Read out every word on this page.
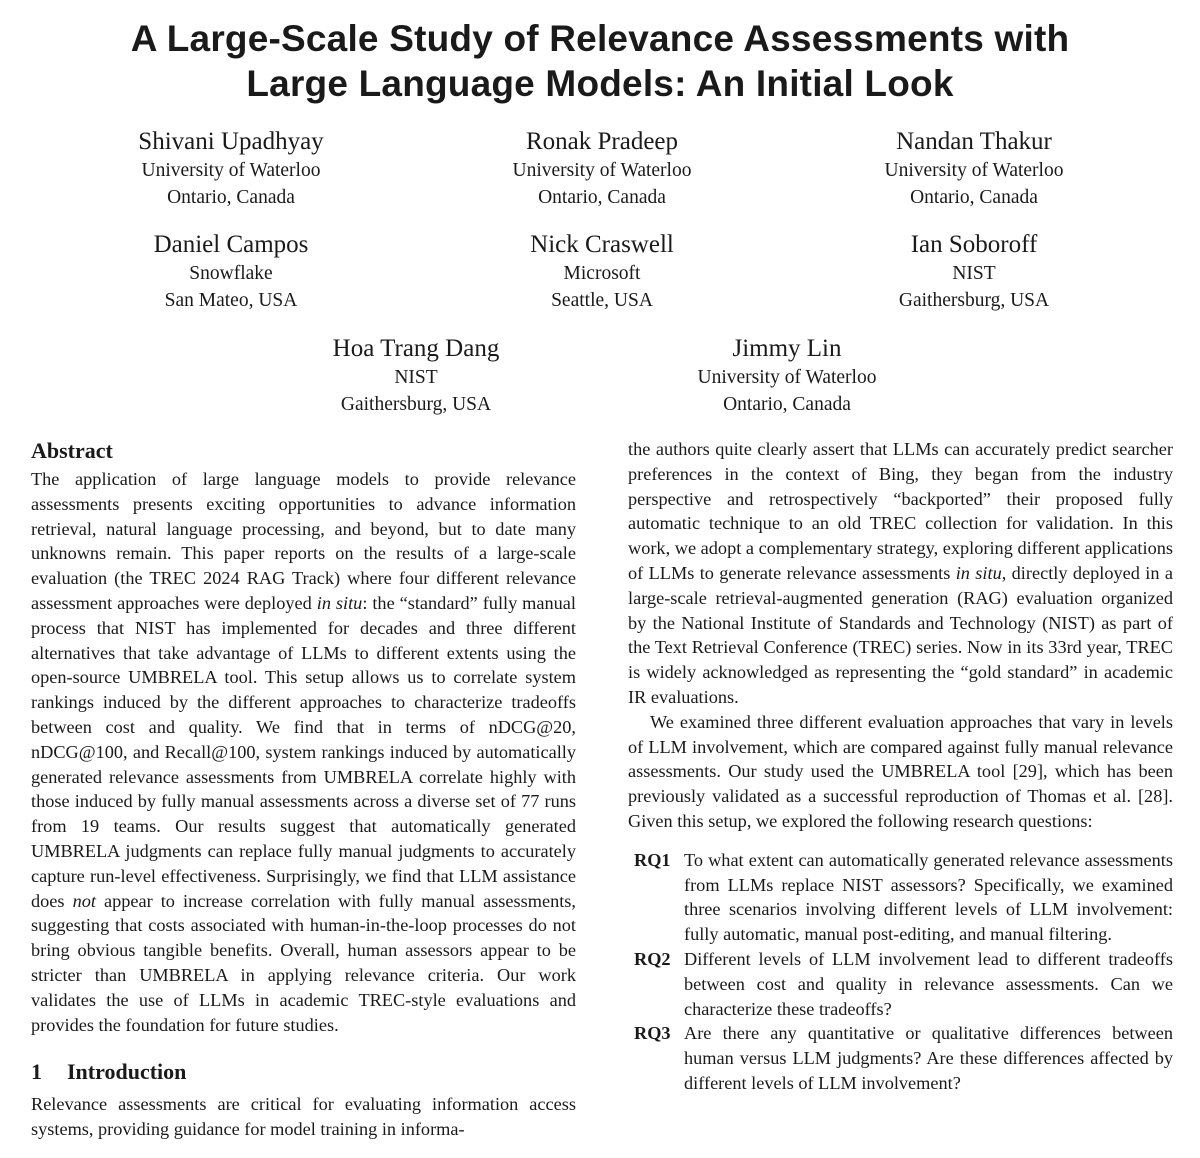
A Large-Scale Study of Relevance Assessments with
Large Language Models: An Initial Look
Shivani Upadhyay
University of Waterloo
Ontario, Canada
Ronak Pradeep
University of Waterloo
Ontario, Canada
Nandan Thakur
University of Waterloo
Ontario, Canada
Daniel Campos
Snowflake
San Mateo, USA
Nick Craswell
Microsoft
Seattle, USA
Ian Soboroff
NIST
Gaithersburg, USA
Hoa Trang Dang
NIST
Gaithersburg, USA
Jimmy Lin
University of Waterloo
Ontario, Canada
Abstract

The application of large language models to provide relevance assessments presents exciting opportunities to advance information retrieval, natural language processing, and beyond, but to date many unknowns remain. This paper reports on the results of a large-scale evaluation (the TREC 2024 RAG Track) where four different relevance assessment approaches were deployed in situ: the “standard” fully manual process that NIST has implemented for decades and three different alternatives that take advantage of LLMs to different extents using the open-source UMBRELA tool. This setup allows us to correlate system rankings induced by the different approaches to characterize tradeoffs between cost and quality. We find that in terms of nDCG@20, nDCG@100, and Recall@100, system rankings induced by automatically generated relevance assessments from UMBRELA correlate highly with those induced by fully manual assessments across a diverse set of 77 runs from 19 teams. Our results suggest that automatically generated UMBRELA judgments can replace fully manual judgments to accurately capture run-level effectiveness. Surprisingly, we find that LLM assistance does not appear to increase correlation with fully manual assessments, suggesting that costs associated with human-in-the-loop processes do not bring obvious tangible benefits. Overall, human assessors appear to be stricter than UMBRELA in applying relevance criteria. Our work validates the use of LLMs in academic TREC-style evaluations and provides the foundation for future studies.

1 Introduction

Relevance assessments are critical for evaluating information access systems, providing guidance for model training in informa-

the authors quite clearly assert that LLMs can accurately predict searcher preferences in the context of Bing, they began from the industry perspective and retrospectively “backported” their proposed fully automatic technique to an old TREC collection for validation. In this work, we adopt a complementary strategy, exploring different applications of LLMs to generate relevance assessments in situ, directly deployed in a large-scale retrieval-augmented generation (RAG) evaluation organized by the National Institute of Standards and Technology (NIST) as part of the Text Retrieval Conference (TREC) series. Now in its 33rd year, TREC is widely acknowledged as representing the “gold standard” in academic IR evaluations.

We examined three different evaluation approaches that vary in levels of LLM involvement, which are compared against fully manual relevance assessments. Our study used the UMBRELA tool [29], which has been previously validated as a successful reproduction of Thomas et al. [28]. Given this setup, we explored the following research questions:

RQ1 To what extent can automatically generated relevance assessments from LLMs replace NIST assessors? Specifically, we examined three scenarios involving different levels of LLM involvement: fully automatic, manual post-editing, and manual filtering.
RQ2 Different levels of LLM involvement lead to different tradeoffs between cost and quality in relevance assessments. Can we characterize these tradeoffs?
RQ3 Are there any quantitative or qualitative differences between human versus LLM judgments? Are these differences affected by different levels of LLM involvement?
